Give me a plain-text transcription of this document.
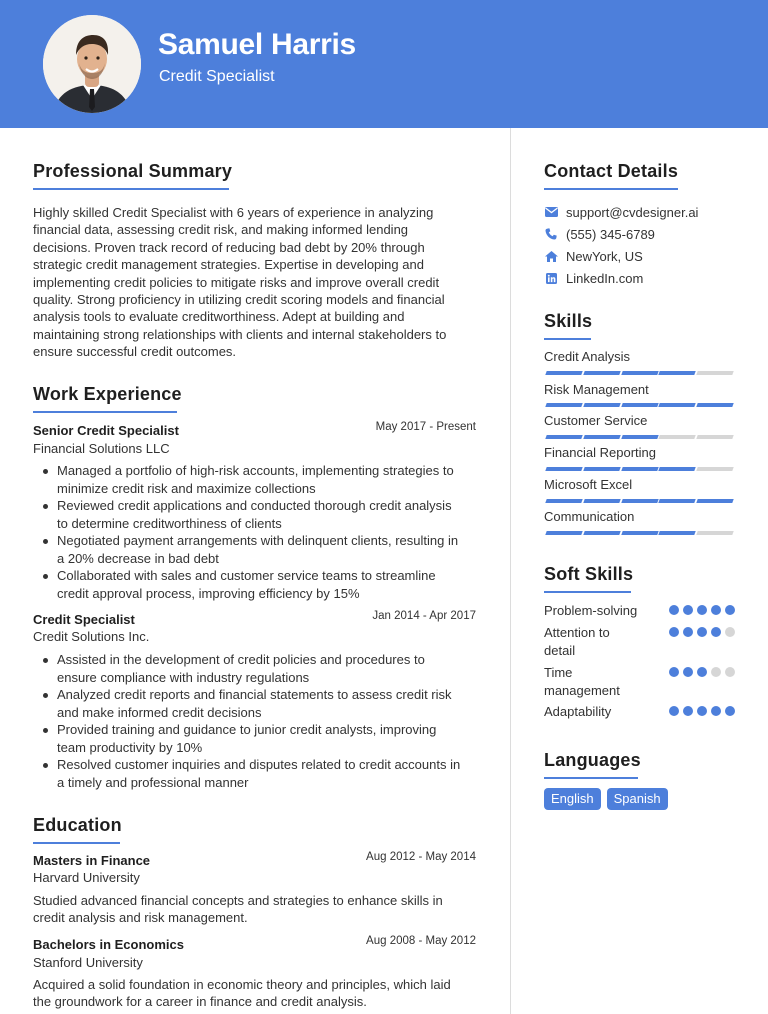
Samuel Harris
Credit Specialist
Professional Summary
Highly skilled Credit Specialist with 6 years of experience in analyzing
financial data, assessing credit risk, and making informed lending
decisions. Proven track record of reducing bad debt by 20% through
strategic credit management strategies. Expertise in developing and
implementing credit policies to mitigate risks and improve overall credit
quality. Strong proficiency in utilizing credit scoring models and financial
analysis tools to evaluate creditworthiness. Adept at building and
maintaining strong relationships with clients and internal stakeholders to
ensure successful credit outcomes.
Work Experience
Senior Credit Specialist	May 2017 - Present
Financial Solutions LLC
Managed a portfolio of high-risk accounts, implementing strategies to
minimize credit risk and maximize collections
Reviewed credit applications and conducted thorough credit analysis
to determine creditworthiness of clients
Negotiated payment arrangements with delinquent clients, resulting in
a 20% decrease in bad debt
Collaborated with sales and customer service teams to streamline
credit approval process, improving efficiency by 15%
Credit Specialist	Jan 2014 - Apr 2017
Credit Solutions Inc.
Assisted in the development of credit policies and procedures to
ensure compliance with industry regulations
Analyzed credit reports and financial statements to assess credit risk
and make informed credit decisions
Provided training and guidance to junior credit analysts, improving
team productivity by 10%
Resolved customer inquiries and disputes related to credit accounts in
a timely and professional manner
Education
Masters in Finance	Aug 2012 - May 2014
Harvard University
Studied advanced financial concepts and strategies to enhance skills in
credit analysis and risk management.
Bachelors in Economics	Aug 2008 - May 2012
Stanford University
Acquired a solid foundation in economic theory and principles, which laid
the groundwork for a career in finance and credit analysis.
Contact Details
support@cvdesigner.ai
(555) 345-6789
NewYork, US
LinkedIn.com
Skills
Credit Analysis
Risk Management
Customer Service
Financial Reporting
Microsoft Excel
Communication
Soft Skills
Problem-solving
Attention to
detail
Time
management
Adaptability
Languages
English	Spanish
